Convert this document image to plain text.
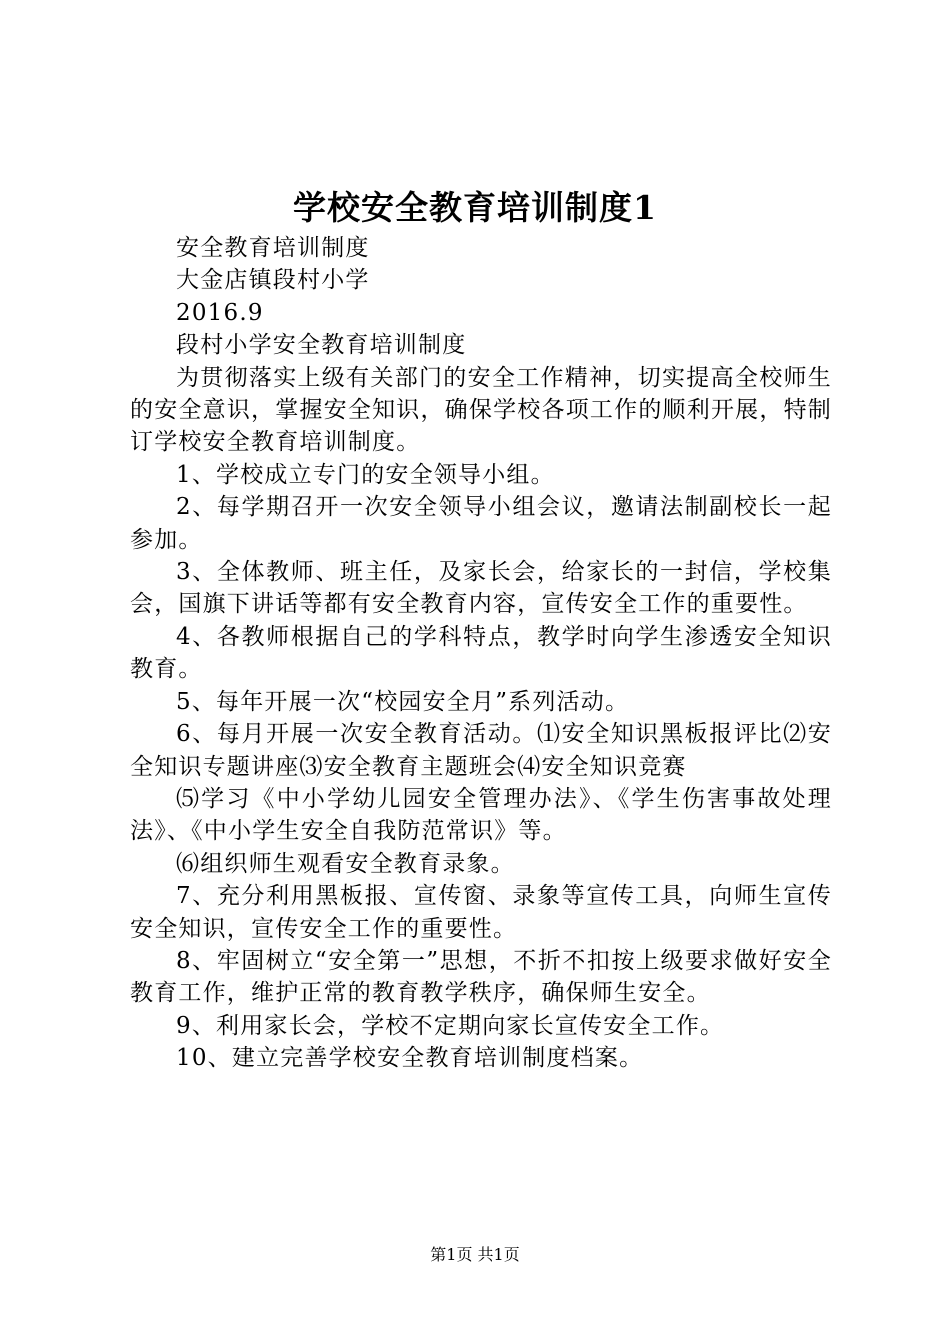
学校安全教育培训制度1

安全教育培训制度

大金店镇段村小学

2016.9

段村小学安全教育培训制度

为贯彻落实上级有关部门的安全工作精神，切实提高全校师生的安全意识，掌握安全知识，确保学校各项工作的顺利开展，特制订学校安全教育培训制度。

1、学校成立专门的安全领导小组。

2、每学期召开一次安全领导小组会议，邀请法制副校长一起参加。

3、全体教师、班主任，及家长会，给家长的一封信，学校集会，国旗下讲话等都有安全教育内容，宣传安全工作的重要性。

4、各教师根据自己的学科特点，教学时向学生渗透安全知识教育。

5、每年开展一次“校园安全月”系列活动。

6、每月开展一次安全教育活动。⑴安全知识黑板报评比⑵安全知识专题讲座⑶安全教育主题班会⑷安全知识竞赛

⑸学习《中小学幼儿园安全管理办法》、《学生伤害事故处理法》、《中小学生安全自我防范常识》等。

⑹组织师生观看安全教育录象。

7、充分利用黑板报、宣传窗、录象等宣传工具，向师生宣传安全知识，宣传安全工作的重要性。

8、牢固树立“安全第一”思想，不折不扣按上级要求做好安全教育工作，维护正常的教育教学秩序，确保师生安全。

9、利用家长会，学校不定期向家长宣传安全工作。

10、建立完善学校安全教育培训制度档案。

第1页 共1页
